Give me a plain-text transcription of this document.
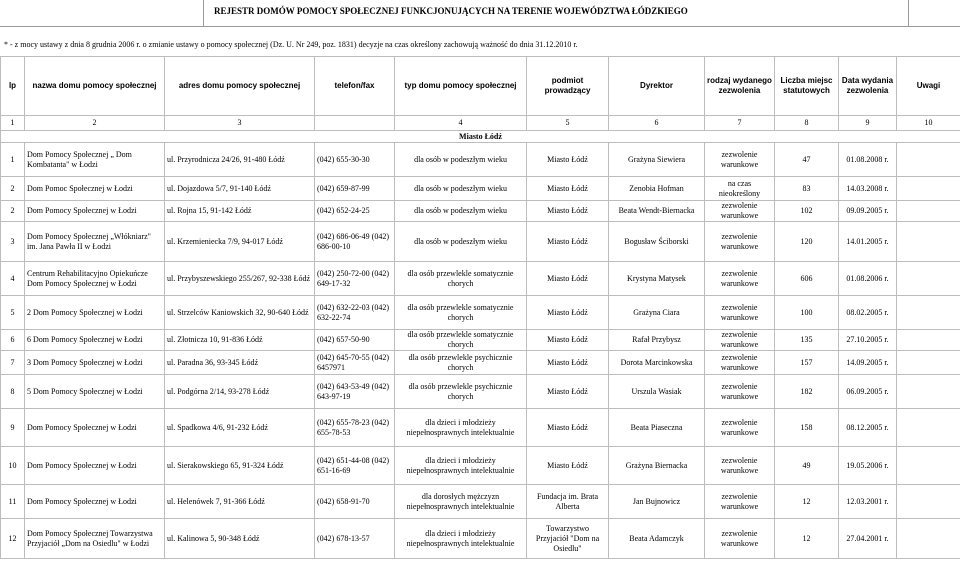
REJESTR DOMÓW POMOCY SPOŁECZNEJ FUNKCJONUJĄCYCH NA TERENIE WOJEWÓDZTWA ŁÓDZKIEGO
* - z mocy ustawy z dnia 8 grudnia 2006 r. o zmianie ustawy o pomocy społecznej (Dz. U. Nr 249, poz. 1831) decyzje na czas określony zachowują ważność do dnia 31.12.2010 r.
lp	nazwa domu pomocy społecznej	adres domu pomocy społecznej	telefon/fax	typ domu pomocy społecznej	podmiot prowadzący	Dyrektor	rodzaj wydanego zezwolenia	Liczba miejsc statutowych	Data wydania zezwolenia	Uwagi
1	2	3		4	5	6	7	8	9	10
Miasto Łódź										
1	Dom Pomocy Społecznej „ Dom Kombatanta" w Łodzi	ul. Przyrodnicza 24/26, 91-480 Łódź	(042) 655-30-30	dla osób w podeszłym wieku	Miasto Łódź	Grażyna Siewiera	zezwolenie warunkowe	47	01.08.2008 r.	
2	Dom Pomoc Społecznej w Łodzi	ul. Dojazdowa 5/7, 91-140 Łódź	(042) 659-87-99	dla osób w podeszłym wieku	Miasto Łódź	Zenobia Hofman	na czas nieokreślony	83	14.03.2008 r.	
2	Dom Pomocy Społecznej w Łodzi	ul. Rojna 15, 91-142 Łódź	(042) 652-24-25	dla osób w podeszłym wieku	Miasto Łódź	Beata Wendt-Biernacka	zezwolenie warunkowe	102	09.09.2005 r.	
3	Dom Pomocy Społecznej „Włókniarz" im. Jana Pawła II w Łodzi	ul. Krzemieniecka 7/9, 94-017 Łódź	(042) 686-06-49 (042) 686-00-10	dla osób w podeszłym wieku	Miasto Łódź	Bogusław Ściborski	zezwolenie warunkowe	120	14.01.2005 r.	
4	Centrum Rehabilitacyjno Opiekuńcze Dom Pomocy Społecznej w Łodzi	ul. Przybyszewskiego 255/267, 92-338 Łódź	(042) 250-72-00 (042) 649-17-32	dla osób przewlekle somatycznie chorych	Miasto Łódź	Krystyna Matysek	zezwolenie warunkowe	606	01.08.2006 r.	
5	2 Dom Pomocy Społecznej w Łodzi	ul. Strzelców Kaniowskich 32, 90-640 Łódź	(042) 632-22-03 (042) 632-22-74	dla osób przewlekle somatycznie chorych	Miasto Łódź	Grażyna Ciara	zezwolenie warunkowe	100	08.02.2005 r.	
6	6 Dom Pomocy Społecznej w Łodzi	ul. Złotnicza 10, 91-836 Łódź	(042) 657-50-90	dla osób przewlekle somatycznie chorych	Miasto Łódź	Rafał Przybysz	zezwolenie warunkowe	135	27.10.2005 r.	
7	3 Dom Pomocy Społecznej w Łodzi	ul. Paradna 36, 93-345 Łódź	(042) 645-70-55 (042) 6457971	dla osób przewlekle psychicznie chorych	Miasto Łódź	Dorota Marcinkowska	zezwolenie warunkowe	157	14.09.2005 r.	
8	5 Dom Pomocy Społecznej w Łodzi	ul. Podgórna 2/14, 93-278 Łódź	(042) 643-53-49 (042) 643-97-19	dla osób przewlekle psychicznie chorych	Miasto Łódź	Urszula Wasiak	zezwolenie warunkowe	182	06.09.2005 r.	
9	Dom Pomocy Społecznej w Łodzi	ul. Spadkowa 4/6, 91-232 Łódź	(042) 655-78-23 (042) 655-78-53	dla dzieci i młodzieży niepełnosprawnych intelektualnie	Miasto Łódź	Beata Piaseczna	zezwolenie warunkowe	158	08.12.2005 r.	
10	Dom Pomocy Społecznej w Łodzi	ul. Sierakowskiego 65, 91-324 Łódź	(042) 651-44-08 (042) 651-16-69	dla dzieci i młodzieży niepełnosprawnych intelektualnie	Miasto Łódź	Grażyna Biernacka	zezwolenie warunkowe	49	19.05.2006 r.	
11	Dom Pomocy Społecznej w Łodzi	ul. Helenówek 7, 91-366 Łódź	(042) 658-91-70	dla dorosłych mężczyzn niepełnosprawnych intelektualnie	Fundacja im. Brata Alberta	Jan Bujnowicz	zezwolenie warunkowe	12	12.03.2001 r.	
12	Dom Pomocy Społecznej Towarzystwa Przyjaciół „Dom na Osiedlu" w Łodzi	ul. Kalinowa 5, 90-348 Łódź	(042) 678-13-57	dla dzieci i młodzieży niepełnosprawnych intelektualnie	Towarzystwo Przyjaciół "Dom na Osiedlu"	Beata Adamczyk	zezwolenie warunkowe	12	27.04.2001 r.	
